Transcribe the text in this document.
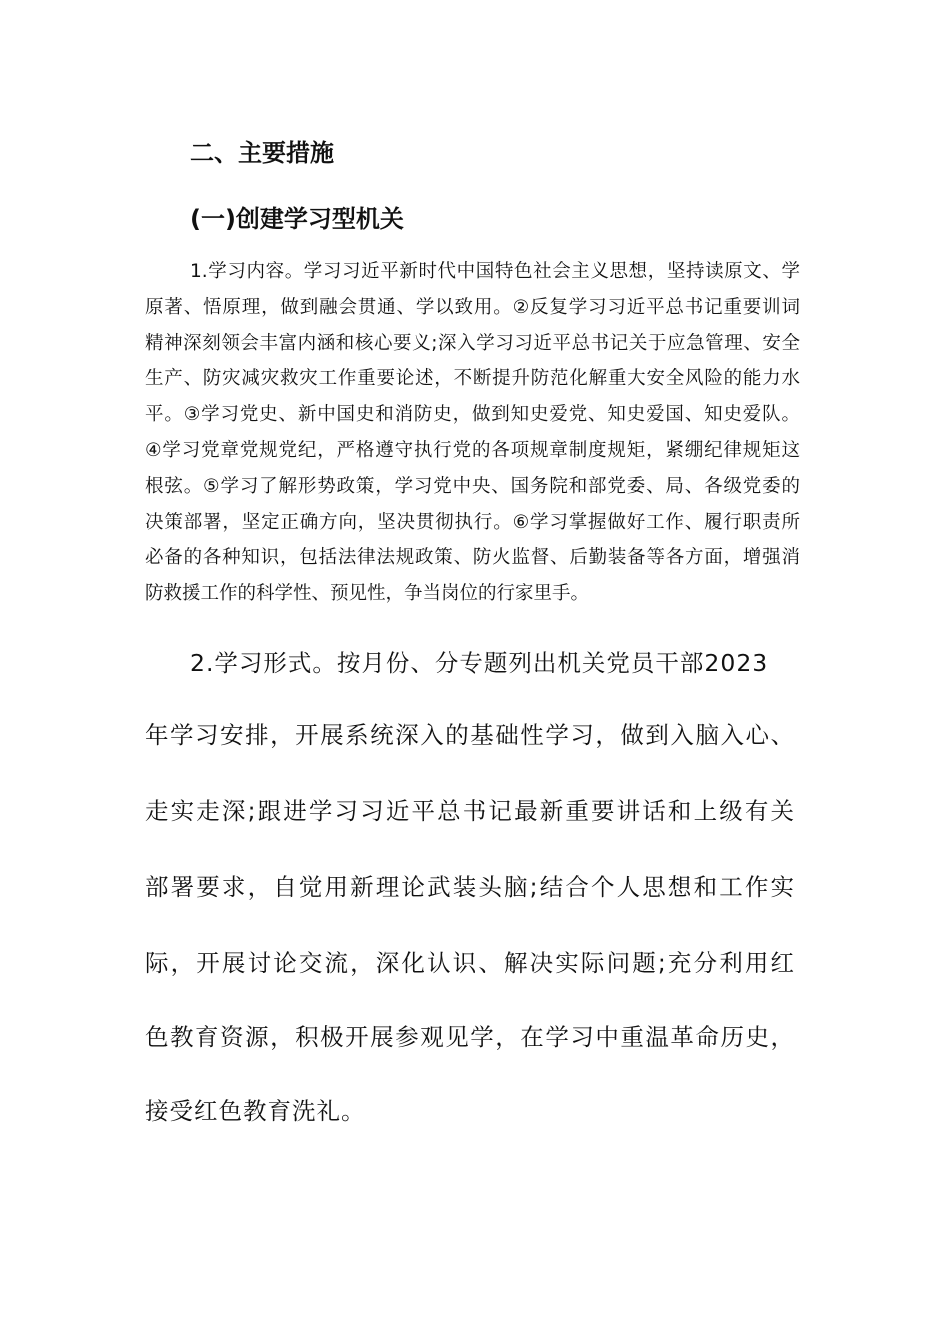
二、主要措施
(一)创建学习型机关
1.学习内容。学习习近平新时代中国特色社会主义思想，坚持读原文、学
原著、悟原理，做到融会贯通、学以致用。②反复学习习近平总书记重要训词
精神深刻领会丰富内涵和核心要义;深入学习习近平总书记关于应急管理、安全
生产、防灾减灾救灾工作重要论述，不断提升防范化解重大安全风险的能力水
平。③学习党史、新中国史和消防史，做到知史爱党、知史爱国、知史爱队。
④学习党章党规党纪，严格遵守执行党的各项规章制度规矩，紧绷纪律规矩这
根弦。⑤学习了解形势政策，学习党中央、国务院和部党委、局、各级党委的
决策部署，坚定正确方向，坚决贯彻执行。⑥学习掌握做好工作、履行职责所
必备的各种知识，包括法律法规政策、防火监督、后勤装备等各方面，增强消
防救援工作的科学性、预见性，争当岗位的行家里手。
2.学习形式。按月份、分专题列出机关党员干部2023
年学习安排，开展系统深入的基础性学习，做到入脑入心、
走实走深;跟进学习习近平总书记最新重要讲话和上级有关
部署要求，自觉用新理论武装头脑;结合个人思想和工作实
际，开展讨论交流，深化认识、解决实际问题;充分利用红
色教育资源，积极开展参观见学，在学习中重温革命历史，
接受红色教育洗礼。
